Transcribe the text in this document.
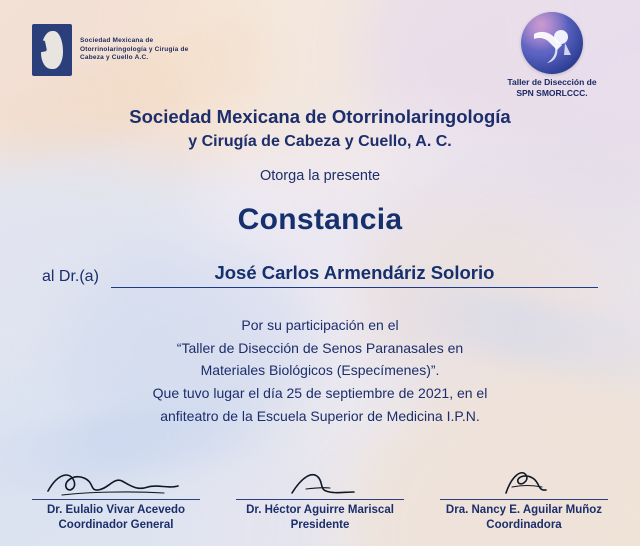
Sociedad Mexicana de Otorrinolaringología y Cirugía de Cabeza y Cuello A.C.
Taller de Disección de
SPN SMORLCCC.
Sociedad Mexicana de Otorrinolaringología
y Cirugía de Cabeza y Cuello, A. C.
Otorga la presente
Constancia
al Dr.(a)	José Carlos Armendáriz Solorio
Por su participación en el
“Taller de Disección de Senos Paranasales en
Materiales Biológicos (Especímenes)”.
Que tuvo lugar el día 25 de septiembre de 2021, en el
anfiteatro de la Escuela Superior de Medicina I.P.N.
Dr. Eulalio Vivar Acevedo
Coordinador General
Dr. Héctor Aguirre Mariscal
Presidente
Dra. Nancy E. Aguilar Muñoz
Coordinadora
